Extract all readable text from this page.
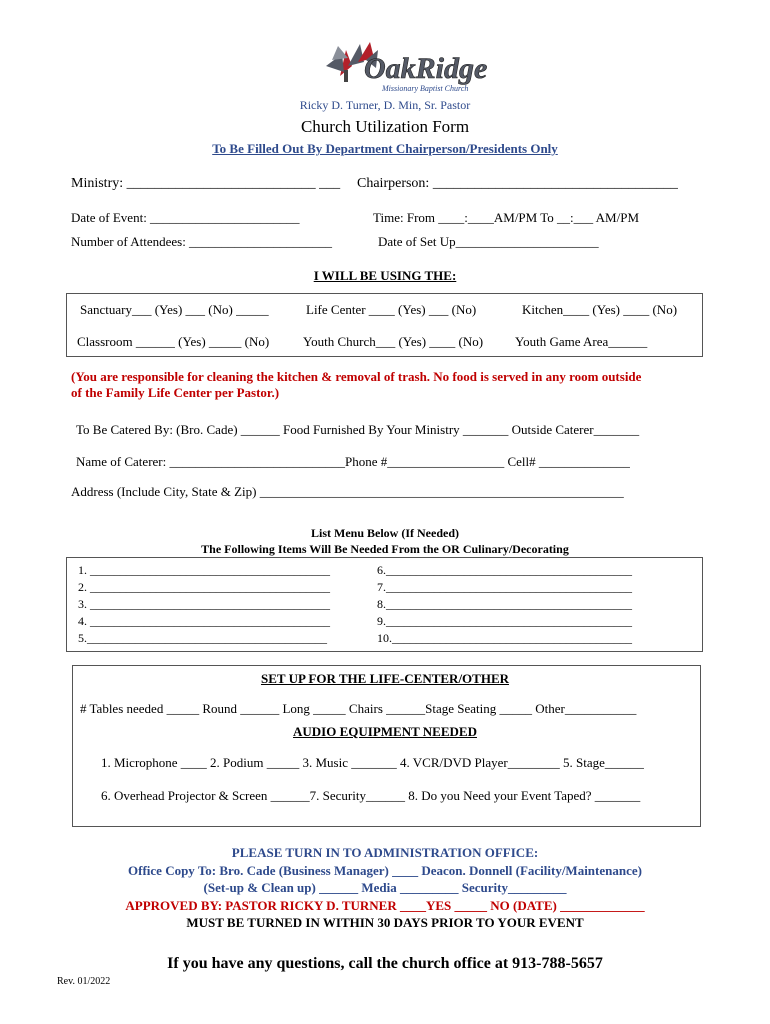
OakRidge
Missionary Baptist Church
Ricky D. Turner, D. Min, Sr. Pastor
Church Utilization Form
To Be Filled Out By Department Chairperson/Presidents Only
Ministry: ___________________________ ___ Chairperson: ___________________________________
Date of Event: _______________________	Time: From ____:____AM/PM To __:___ AM/PM
Number of Attendees: ______________________	Date of Set Up______________________
I WILL BE USING THE:
Sanctuary___ (Yes) ___ (No) _____	Life Center ____ (Yes) ___ (No)	Kitchen____ (Yes) ____ (No)
Classroom ______ (Yes) _____ (No)	Youth Church___ (Yes) ____ (No) Youth Game Area______
(You are responsible for cleaning the kitchen & removal of trash. No food is served in any room outside
of the Family Life Center per Pastor.)
To Be Catered By: (Bro. Cade) ______ Food Furnished By Your Ministry _______ Outside Caterer_______
Name of Caterer: ___________________________Phone #__________________ Cell# ______________
Address (Include City, State & Zip) ________________________________________________________
List Menu Below (If Needed)
The Following Items Will Be Needed From the OR Culinary/Decorating
1. ________________________________________
2. ________________________________________
3. ________________________________________
4. ________________________________________
5.________________________________________
6._________________________________________
7._________________________________________
8._________________________________________
9._________________________________________
10.________________________________________
SET UP FOR THE LIFE-CENTER/OTHER
# Tables needed _____ Round ______ Long _____ Chairs ______Stage Seating _____ Other___________
AUDIO EQUIPMENT NEEDED
1. Microphone ____ 2. Podium _____ 3. Music _______ 4. VCR/DVD Player________ 5. Stage______
6. Overhead Projector & Screen ______7. Security______ 8. Do you Need your Event Taped? _______
PLEASE TURN IN TO ADMINISTRATION OFFICE:
Office Copy To: Bro. Cade (Business Manager) ____ Deacon. Donnell (Facility/Maintenance)
(Set-up & Clean up) ______ Media _________ Security_________
APPROVED BY: PASTOR RICKY D. TURNER ____YES _____ NO (DATE) _____________
MUST BE TURNED IN WITHIN 30 DAYS PRIOR TO YOUR EVENT
If you have any questions, call the church office at 913-788-5657
Rev. 01/2022
